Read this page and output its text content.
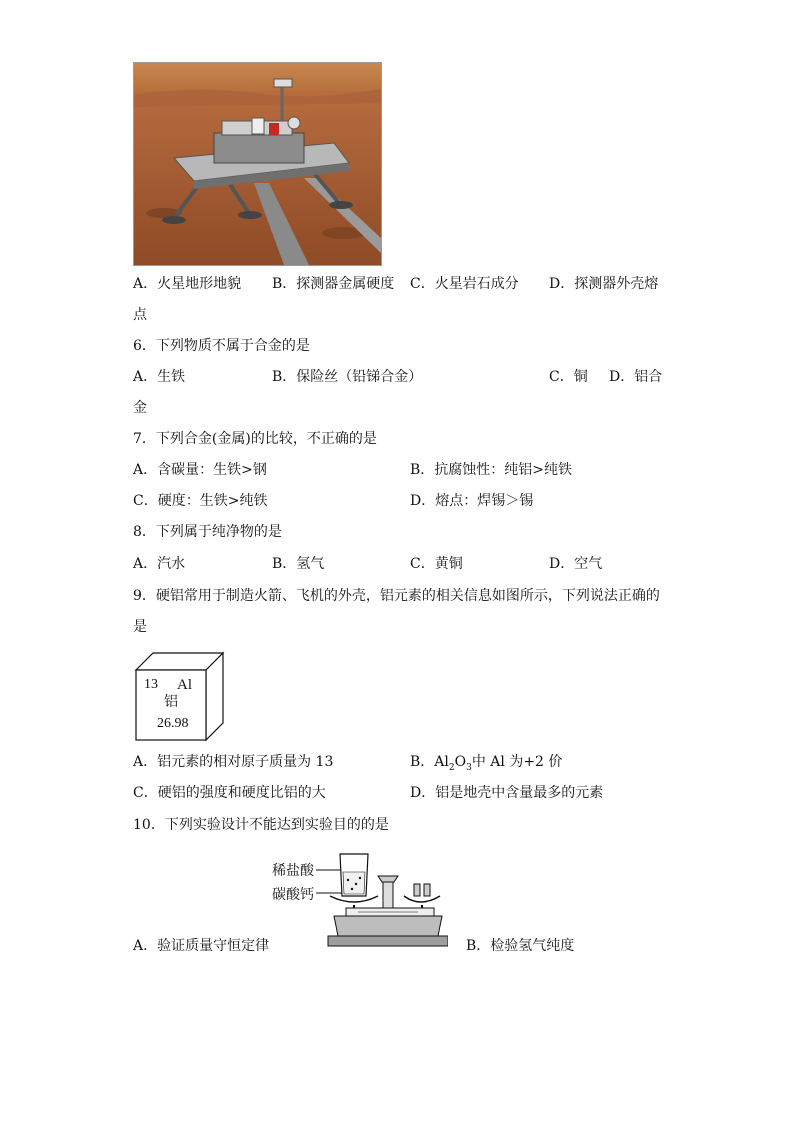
A．火星地形地貌 B．探测器金属硬度 C．火星岩石成分 D．探测器外壳熔
点
6．下列物质不属于合金的是
A．生铁	B．保险丝（铅锑合金）	C．铜 D．铝合
金
7．下列合金(金属)的比较，不正确的是
A．含碳量：生铁>钢	B．抗腐蚀性：纯铝>纯铁
C．硬度：生铁>纯铁	D．熔点：焊锡＞锡
8．下列属于纯净物的是
A．汽水	B．氢气	C．黄铜	D．空气
9．硬铝常用于制造火箭、飞机的外壳，铝元素的相关信息如图所示，下列说法正确的
是
13 Al
铝
26.98
A．铝元素的相对原子质量为 13	B．$Al_2O_3$中 Al 为+2 价
C．硬铝的强度和硬度比铝的大	D．铝是地壳中含量最多的元素
10．下列实验设计不能达到实验目的的是
稀盐酸
碳酸钙
A．验证质量守恒定律	B．检验氢气纯度
